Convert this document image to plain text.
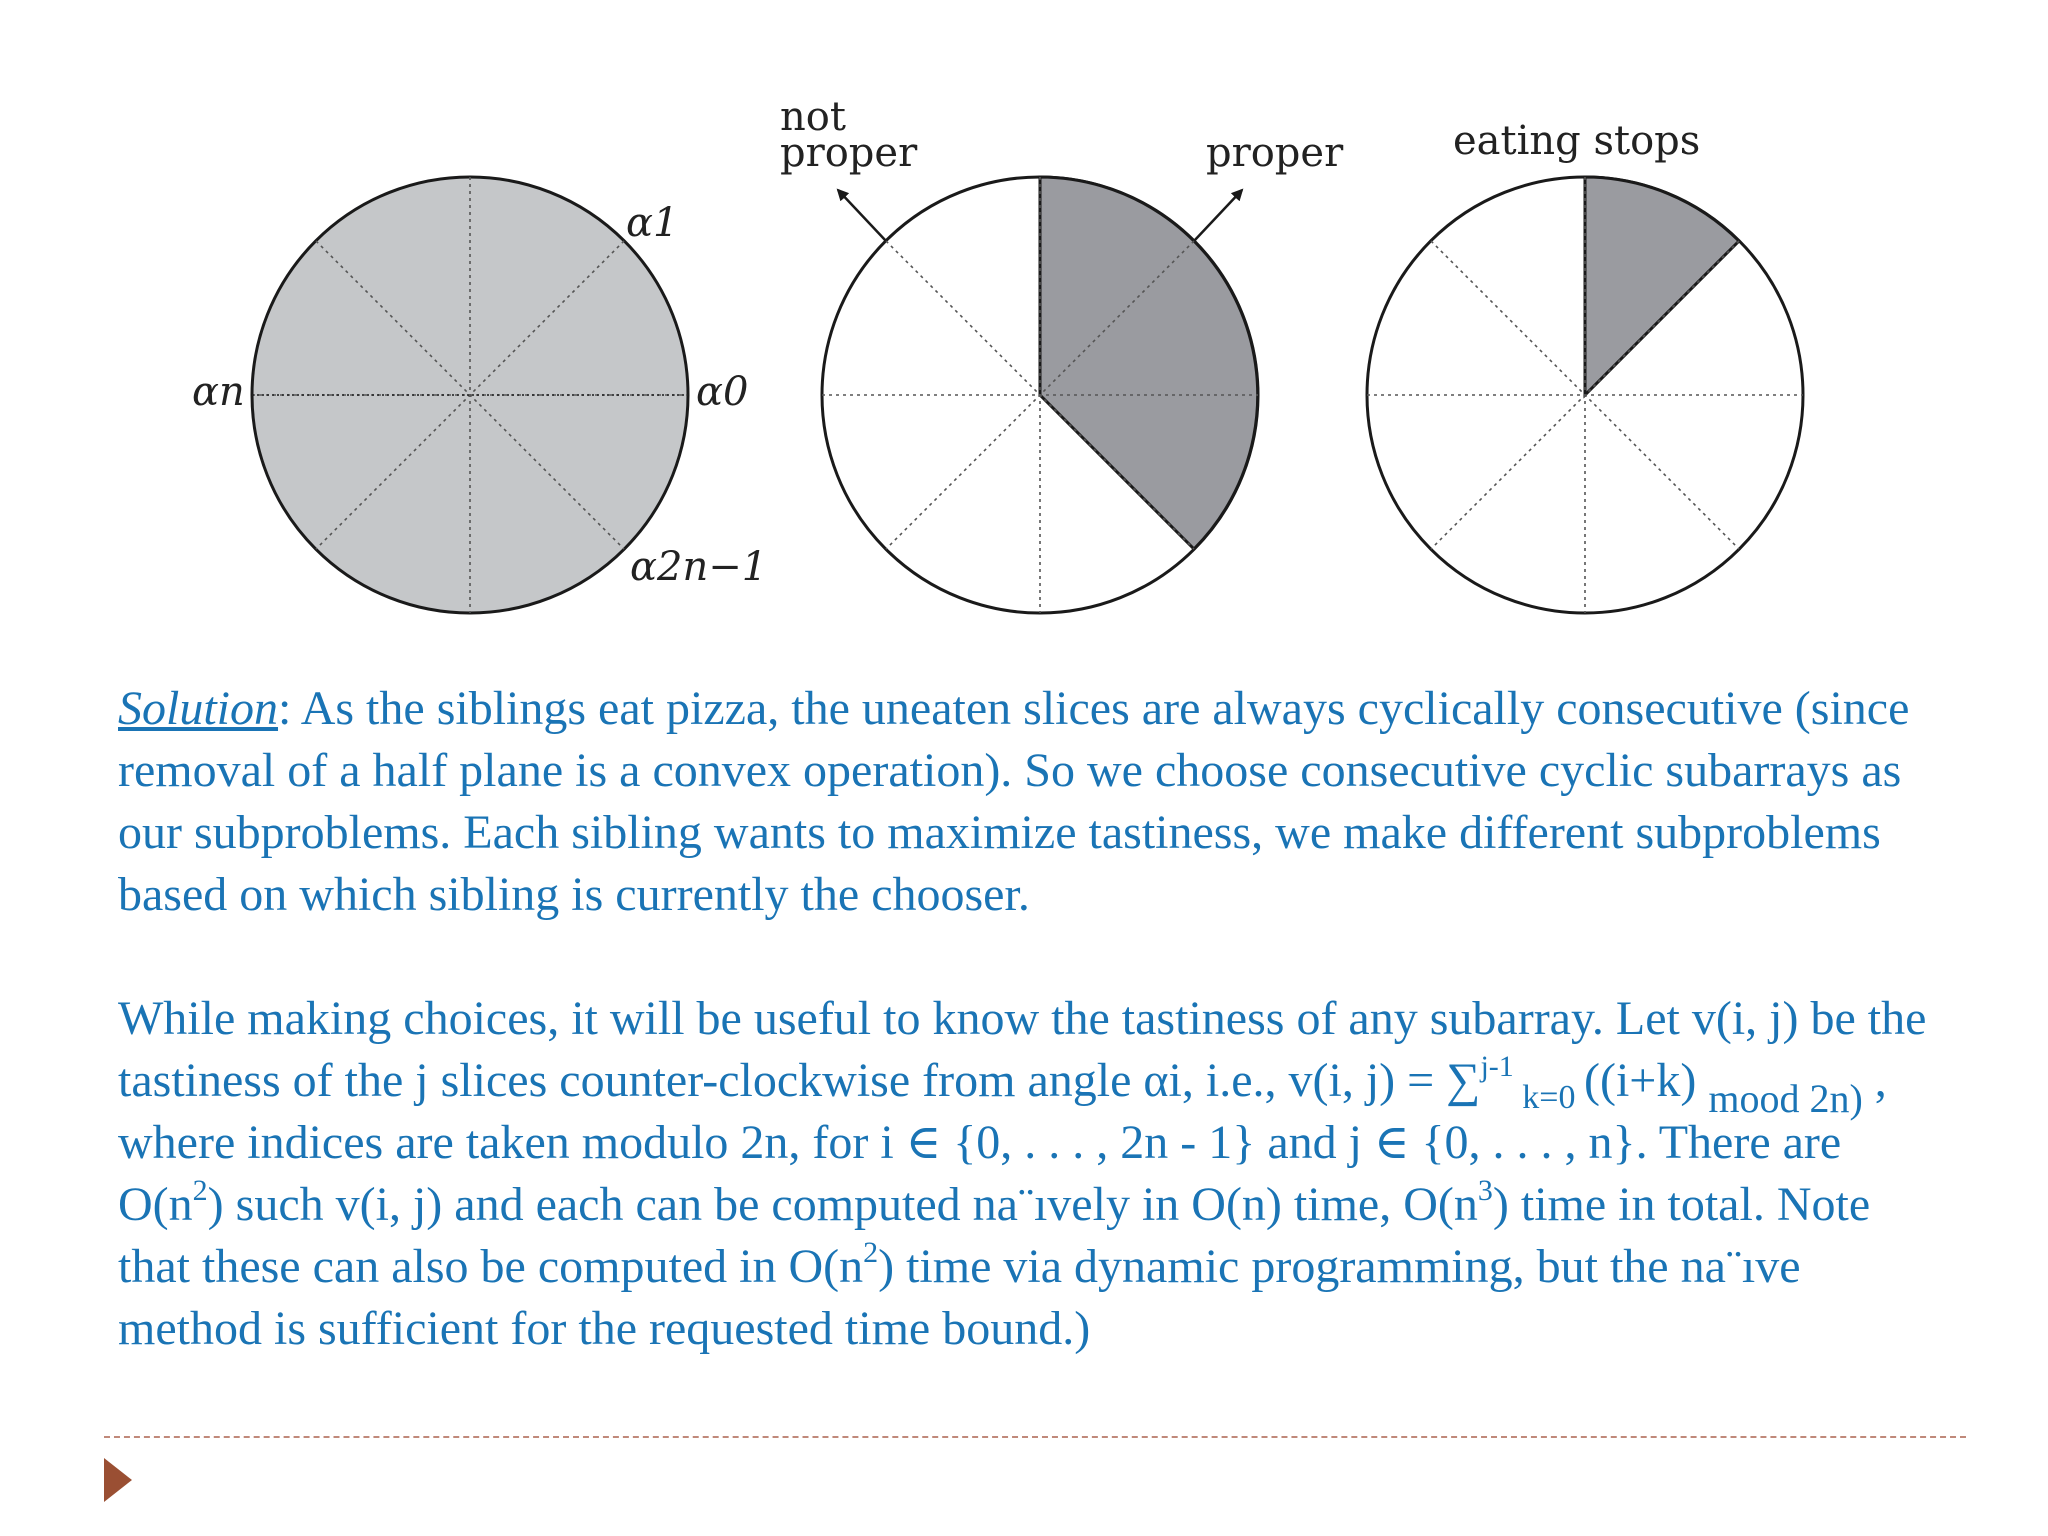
α1
αn	α0
α2n−1
not
proper	proper	eating stops

Solution: As the siblings eat pizza, the uneaten slices are always cyclically consecutive (since removal of a half plane is a convex operation). So we choose consecutive cyclic subarrays as our subproblems. Each sibling wants to maximize tastiness, we make different subproblems based on which sibling is currently the chooser.

While making choices, it will be useful to know the tastiness of any subarray. Let v(i, j) be the tastiness of the j slices counter-clockwise from angle αi, i.e., v(i, j) = ∑$^{j-1}$ $_{k=0}$ ((i+k) $_{mood 2n)}$ , where indices are taken modulo 2n, for i ∈ {0, . . . , 2n - 1} and j ∈ {0, . . . , n}. There are $O(n^2)$ such v(i, j) and each can be computed na¨ıvely in O(n) time, $O(n^3)$ time in total. Note that these can also be computed in $O(n^2)$ time via dynamic programming, but the na¨ıve method is sufficient for the requested time bound.)
